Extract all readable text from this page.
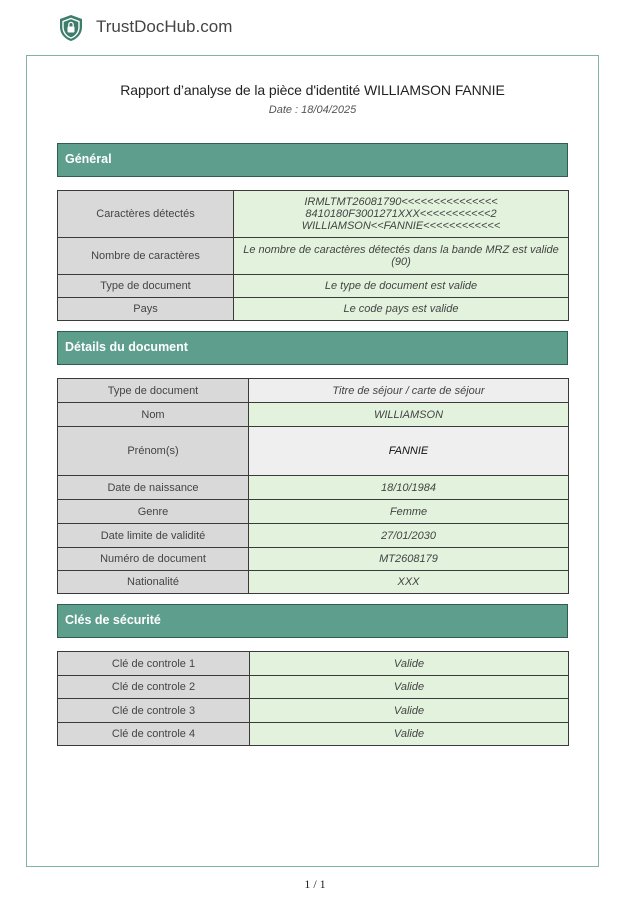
TrustDocHub.com
Rapport d’analyse de la pièce d'identité WILLIAMSON FANNIE
Date : 18/04/2025
Général
Caractères détectés	IRMLTMT26081790<<<<<<<<<<<<<<<
8410180F3001271XXX<<<<<<<<<<<2
WILLIAMSON<<FANNIE<<<<<<<<<<<<

Nombre de caractères	Le nombre de caractères détectés dans la bande MRZ est valide (90)
Type de document	Le type de document est valide
Pays	Le code pays est valide
Détails du document
Type de document	Titre de séjour / carte de séjour
Nom	WILLIAMSON
Prénom(s)	FANNIE
Date de naissance	18/10/1984
Genre	Femme
Date limite de validité	27/01/2030
Numéro de document	MT2608179
Nationalité	XXX
Clés de sécurité
Clé de controle 1	Valide
Clé de controle 2	Valide
Clé de controle 3	Valide
Clé de controle 4	Valide
1 / 1
